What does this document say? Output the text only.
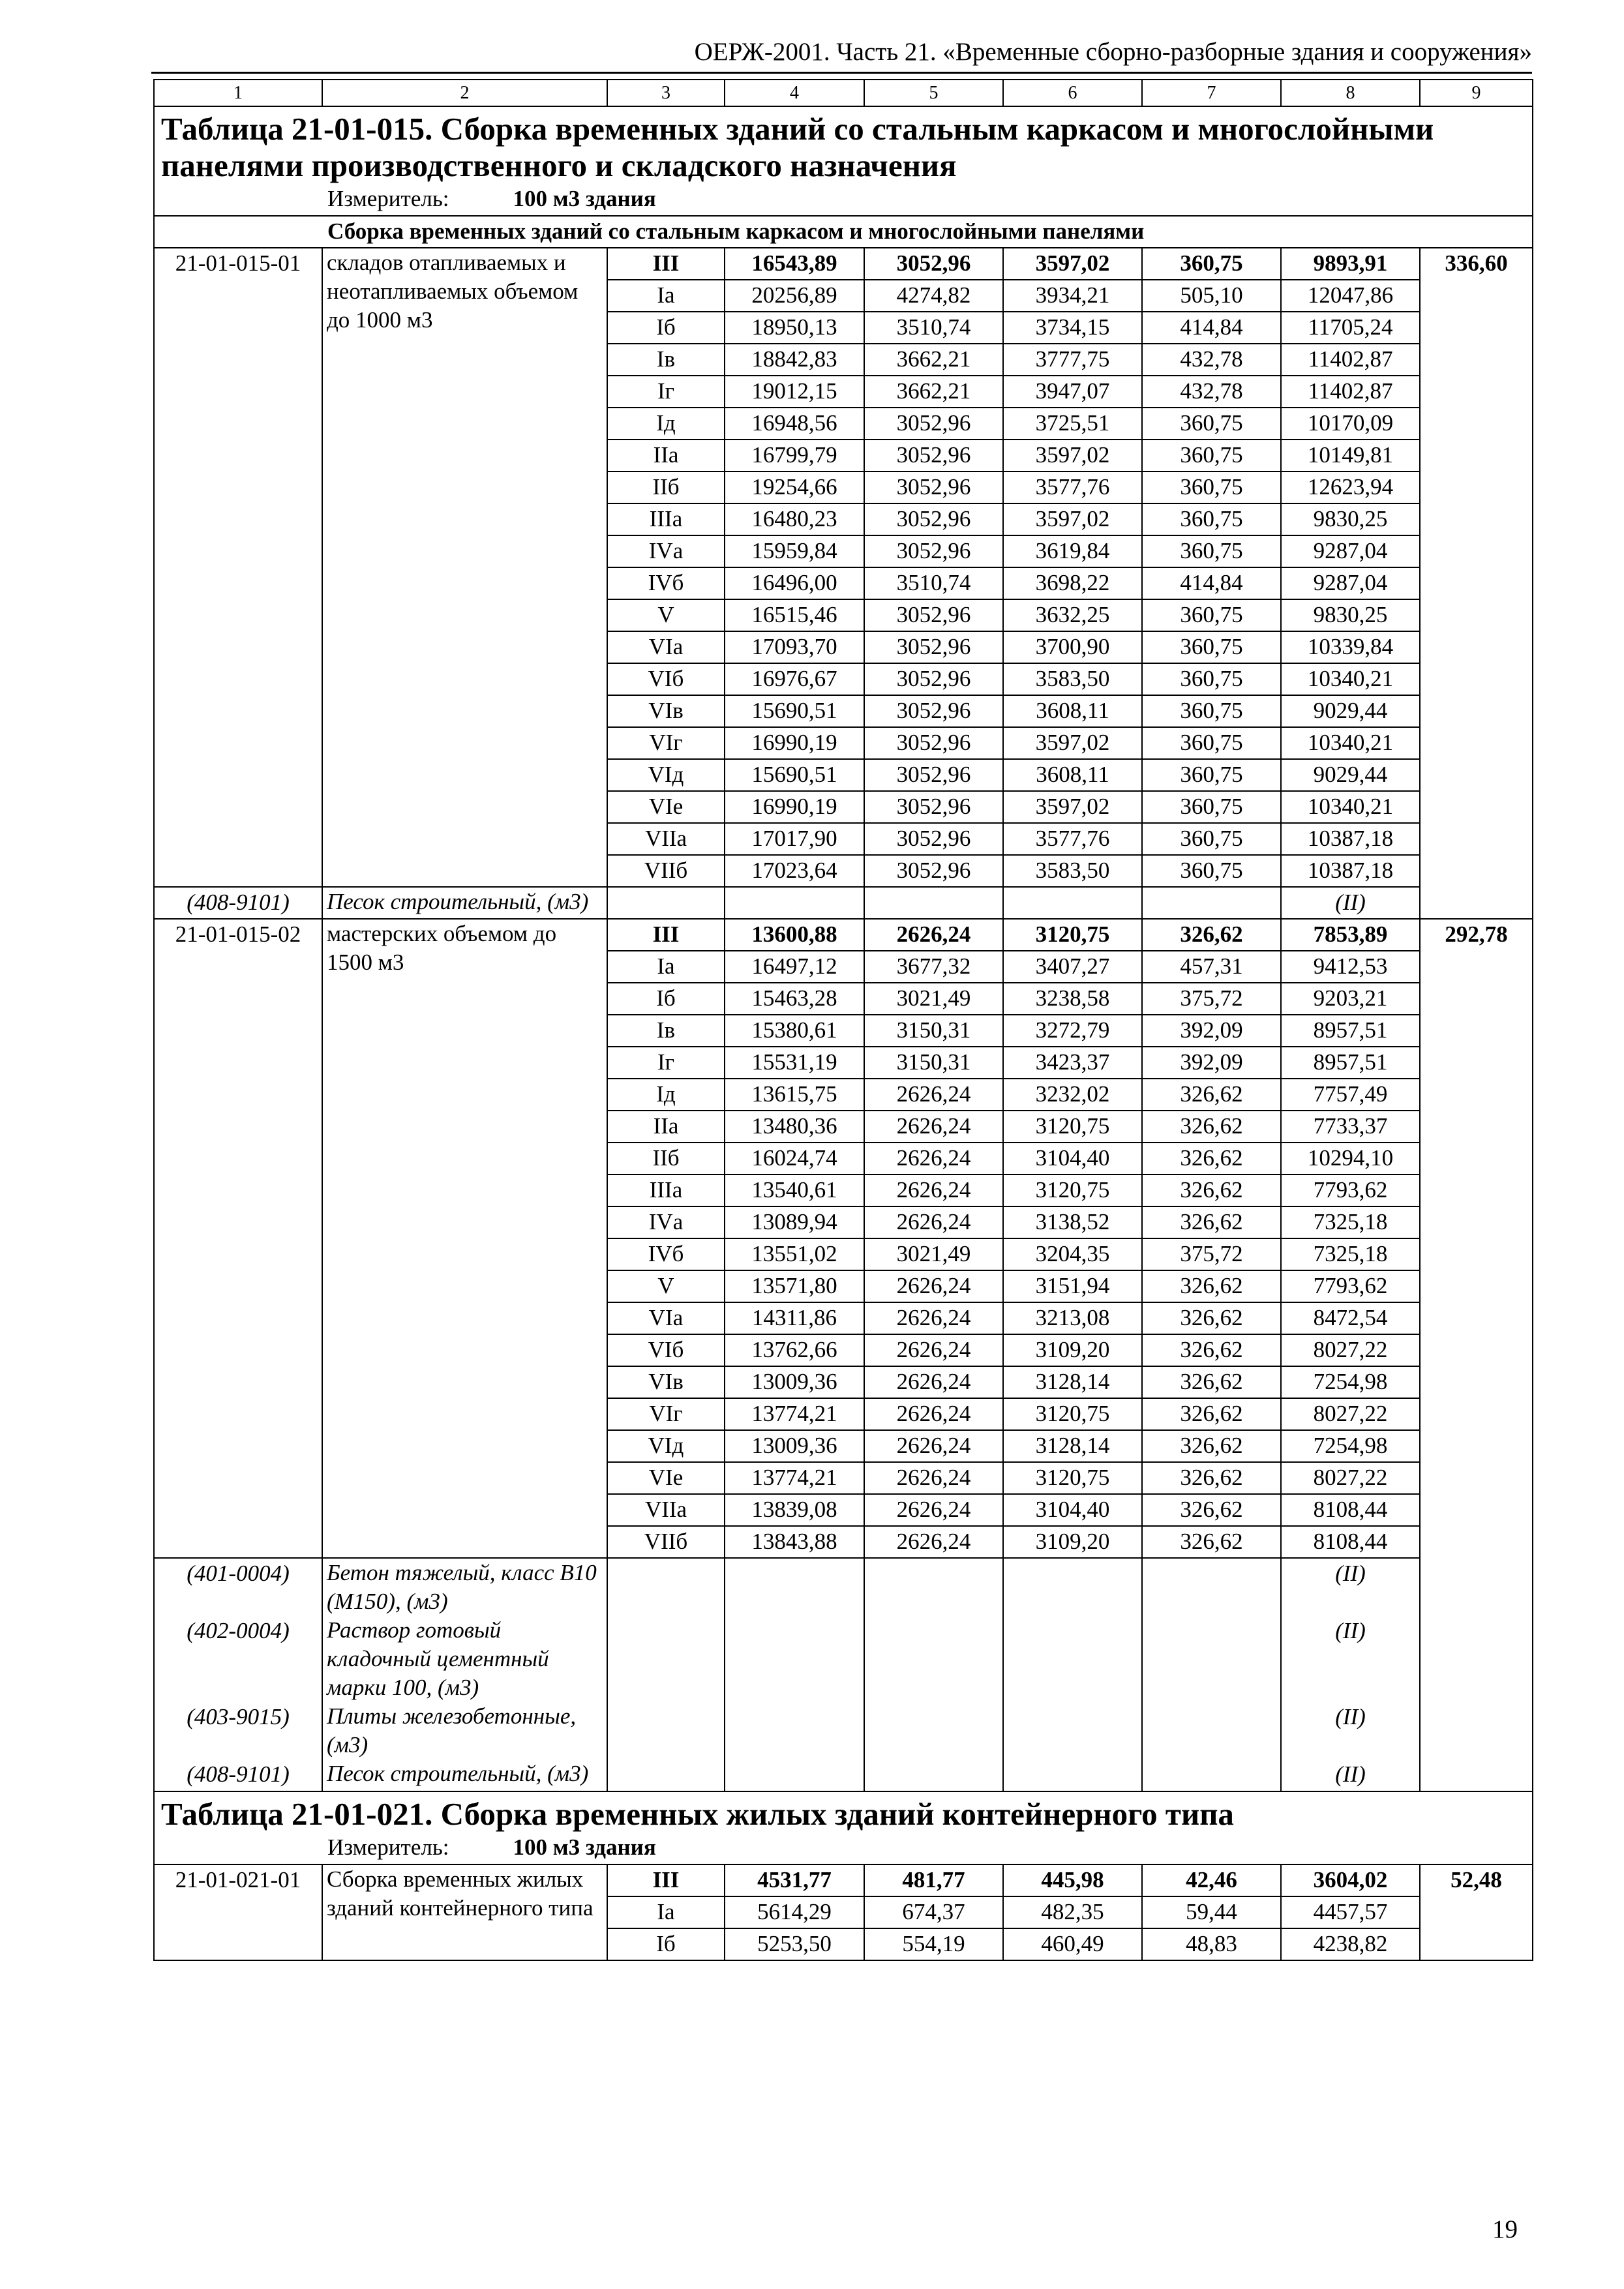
ОЕРЖ-2001. Часть 21. «Временные сборно-разборные здания и сооружения»
1	2	3	4	5	6	7	8	9
Таблица 21-01-015. Сборка временных зданий со стальным каркасом и многослойными панелями производственного и складского назначения								
Измеритель: 100 м3 здания								
Сборка временных зданий со стальным каркасом и многослойными панелями								
21-01-015-01	складов отапливаемых и неотапливаемых объемом до 1000 м3	III	16543,89	3052,96	3597,02	360,75	9893,91	336,60
		Iа	20256,89	4274,82	3934,21	505,10	12047,86	
		Iб	18950,13	3510,74	3734,15	414,84	11705,24	
		Iв	18842,83	3662,21	3777,75	432,78	11402,87	
		Iг	19012,15	3662,21	3947,07	432,78	11402,87	
		Iд	16948,56	3052,96	3725,51	360,75	10170,09	
		IIа	16799,79	3052,96	3597,02	360,75	10149,81	
		IIб	19254,66	3052,96	3577,76	360,75	12623,94	
		IIIа	16480,23	3052,96	3597,02	360,75	9830,25	
		IVа	15959,84	3052,96	3619,84	360,75	9287,04	
		IVб	16496,00	3510,74	3698,22	414,84	9287,04	
		V	16515,46	3052,96	3632,25	360,75	9830,25	
		VIа	17093,70	3052,96	3700,90	360,75	10339,84	
		VIб	16976,67	3052,96	3583,50	360,75	10340,21	
		VIв	15690,51	3052,96	3608,11	360,75	9029,44	
		VIг	16990,19	3052,96	3597,02	360,75	10340,21	
		VIд	15690,51	3052,96	3608,11	360,75	9029,44	
		VIе	16990,19	3052,96	3597,02	360,75	10340,21	
		VIIа	17017,90	3052,96	3577,76	360,75	10387,18	
		VIIб	17023,64	3052,96	3583,50	360,75	10387,18	
(408-9101)	Песок строительный, (м3)						(II)	
21-01-015-02	мастерских объемом до 1500 м3	III	13600,88	2626,24	3120,75	326,62	7853,89	292,78
		Iа	16497,12	3677,32	3407,27	457,31	9412,53	
		Iб	15463,28	3021,49	3238,58	375,72	9203,21	
		Iв	15380,61	3150,31	3272,79	392,09	8957,51	
		Iг	15531,19	3150,31	3423,37	392,09	8957,51	
		Iд	13615,75	2626,24	3232,02	326,62	7757,49	
		IIа	13480,36	2626,24	3120,75	326,62	7733,37	
		IIб	16024,74	2626,24	3104,40	326,62	10294,10	
		IIIа	13540,61	2626,24	3120,75	326,62	7793,62	
		IVа	13089,94	2626,24	3138,52	326,62	7325,18	
		IVб	13551,02	3021,49	3204,35	375,72	7325,18	
		V	13571,80	2626,24	3151,94	326,62	7793,62	
		VIа	14311,86	2626,24	3213,08	326,62	8472,54	
		VIб	13762,66	2626,24	3109,20	326,62	8027,22	
		VIв	13009,36	2626,24	3128,14	326,62	7254,98	
		VIг	13774,21	2626,24	3120,75	326,62	8027,22	
		VIд	13009,36	2626,24	3128,14	326,62	7254,98	
		VIе	13774,21	2626,24	3120,75	326,62	8027,22	
		VIIа	13839,08	2626,24	3104,40	326,62	8108,44	
		VIIб	13843,88	2626,24	3109,20	326,62	8108,44	
(401-0004)	Бетон тяжелый, класс В10 (М150), (м3)						(II)	
(402-0004)	Раствор готовый кладочный цементный марки 100, (м3)						(II)	
(403-9015)	Плиты железобетонные, (м3)						(II)	
(408-9101)	Песок строительный, (м3)						(II)	
Таблица 21-01-021. Сборка временных жилых зданий контейнерного типа								
Измеритель: 100 м3 здания								
21-01-021-01	Сборка временных жилых зданий контейнерного типа	III	4531,77	481,77	445,98	42,46	3604,02	52,48
		Iа	5614,29	674,37	482,35	59,44	4457,57	
		Iб	5253,50	554,19	460,49	48,83	4238,82	
19
